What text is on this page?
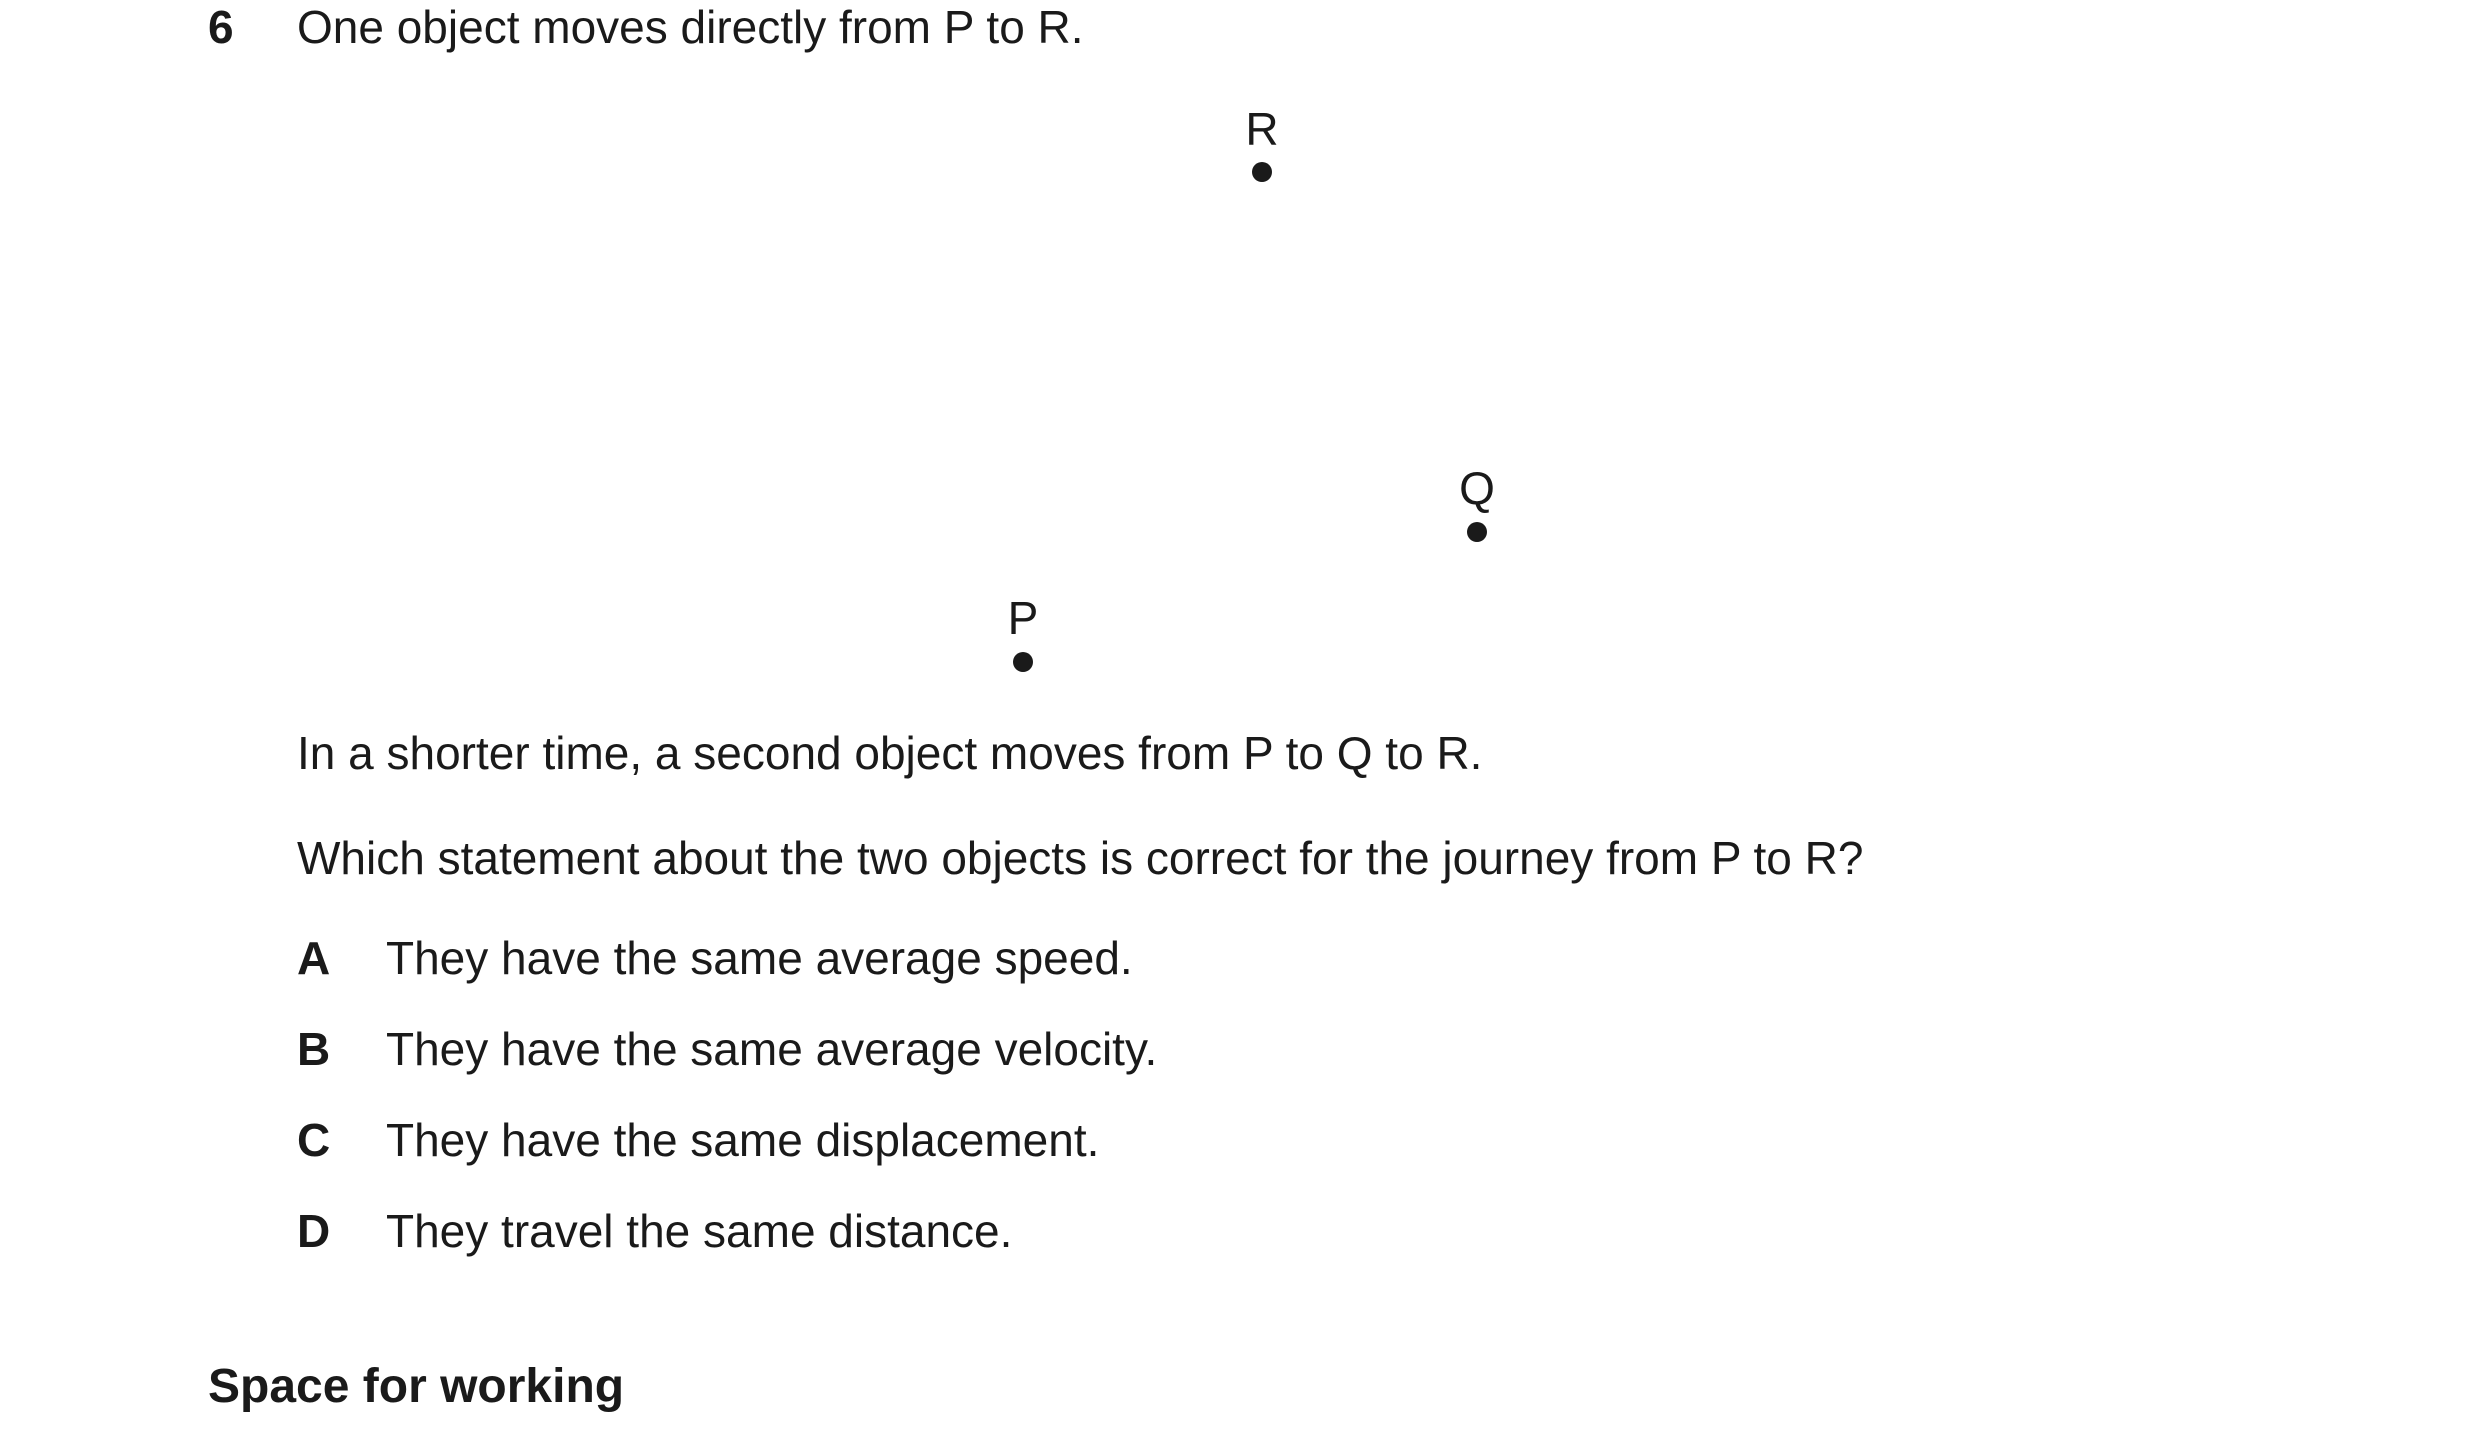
6 One object moves directly from P to R.
R
Q
P
In a shorter time, a second object moves from P to Q to R.
Which statement about the two objects is correct for the journey from P to R?
A They have the same average speed.
B They have the same average velocity.
C They have the same displacement.
D They travel the same distance.
Space for working
